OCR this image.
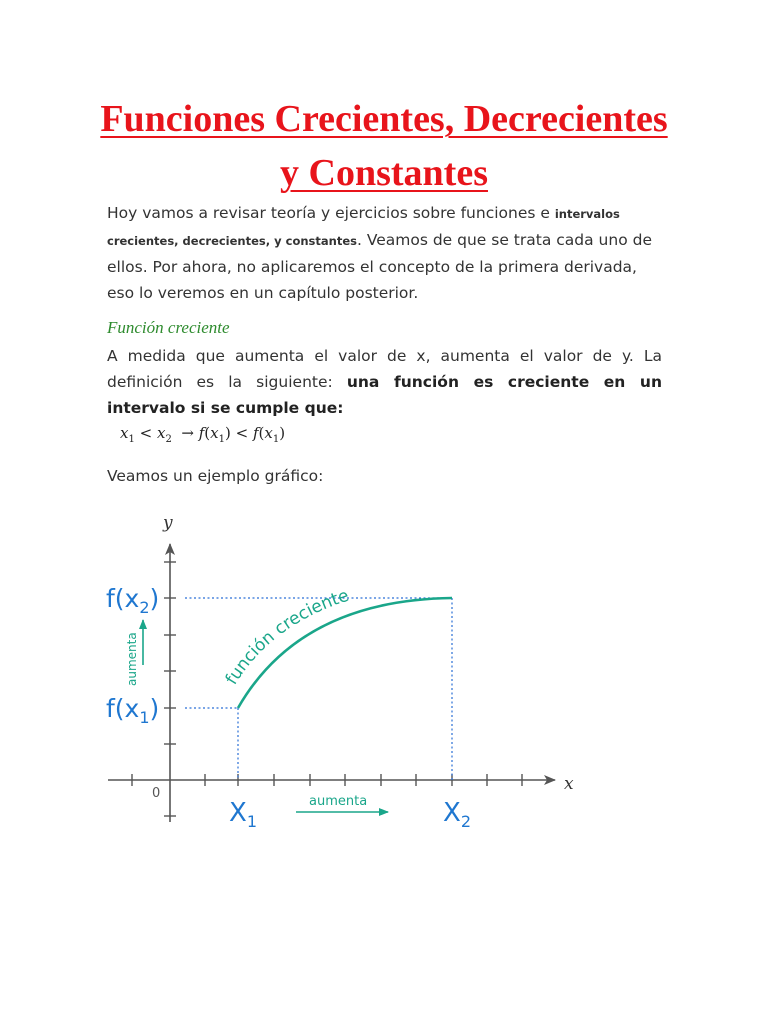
Funciones Crecientes, Decrecientes
y Constantes

Hoy vamos a revisar teoría y ejercicios sobre funciones e intervalos crecientes, decrecientes, y constantes. Veamos de que se trata cada uno de ellos. Por ahora, no aplicaremos el concepto de la primera derivada, eso lo veremos en un capítulo posterior.

Función creciente

A medida que aumenta el valor de x, aumenta el valor de y. La definición es la siguiente: una función es creciente en un intervalo si se cumple que:

$x_1 < x_2 \to f(x_1) < f(x_1)$

Veamos un ejemplo gráfico:

función creciente
y
x
0
$f(x_2)$
$f(x_1)$
$X_1$	$X_2$
aumenta
aumenta
